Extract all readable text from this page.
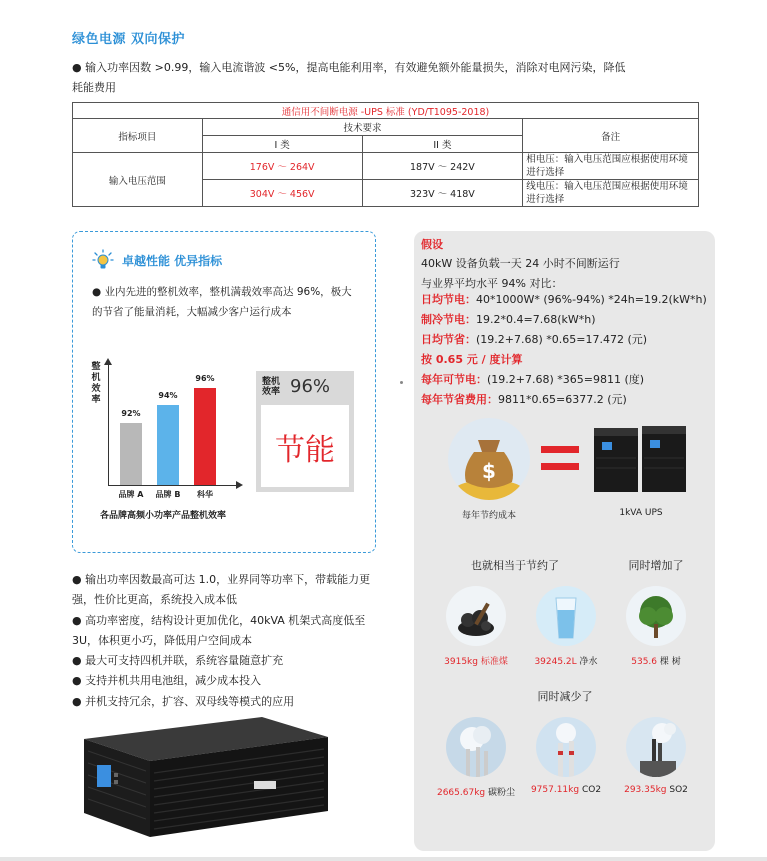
绿色电源 双向保护
● 输入功率因数 >0.99，输入电流谐波 <5%，提高电能利用率，有效避免额外能量损失，消除对电网污染，降低耗能费用
通信用不间断电源 -UPS 标准 (YD/T1095-2018)			
指标项目	技术要求		备注
	I 类	II 类	
输入电压范围	176V ～ 264V	187V ～ 242V	相电压：输入电压范围应根据使用环境进行选择
	304V ～ 456V	323V ～ 418V	线电压：输入电压范围应根据使用环境进行选择
卓越性能 优异指标
● 业内先进的整机效率，整机满载效率高达 96%，极大的节省了能量消耗，大幅减少客户运行成本
整机效率
92%
品牌 A
94%
品牌 B
96%
科华
各品牌高频小功率产品整机效率
整机
效率 96%
节能

● 输出功率因数最高可达 1.0，业界同等功率下，带载能力更强，性价比更高，系统投入成本低

● 高功率密度，结构设计更加优化，40kVA 机架式高度低至 3U，体积更小巧，降低用户空间成本

● 最大可支持四机并联，系统容量随意扩充

● 支持并机共用电池组，减少成本投入

● 并机支持冗余，扩容、双母线等模式的应用

假设
40kW 设备负载一天 24 小时不间断运行
与业界平均水平 94% 对比：
日均节电：40*1000W* (96%-94%) *24h=19.2(kW*h)
制冷节电：19.2*0.4=7.68(kW*h)
日均节省：(19.2+7.68) *0.65=17.472 (元)
按 0.65 元 / 度计算
每年可节电：(19.2+7.68) *365=9811 (度)
每年节省费用：9811*0.65=6377.2 (元)
$
每年节约成本	1kVA UPS
也就相当于节约了	同时增加了
3915kg 标准煤	39245.2L 净水	535.6 棵 树
同时减少了
2665.67kg 碳粉尘	9757.11kg CO2	293.35kg SO2
